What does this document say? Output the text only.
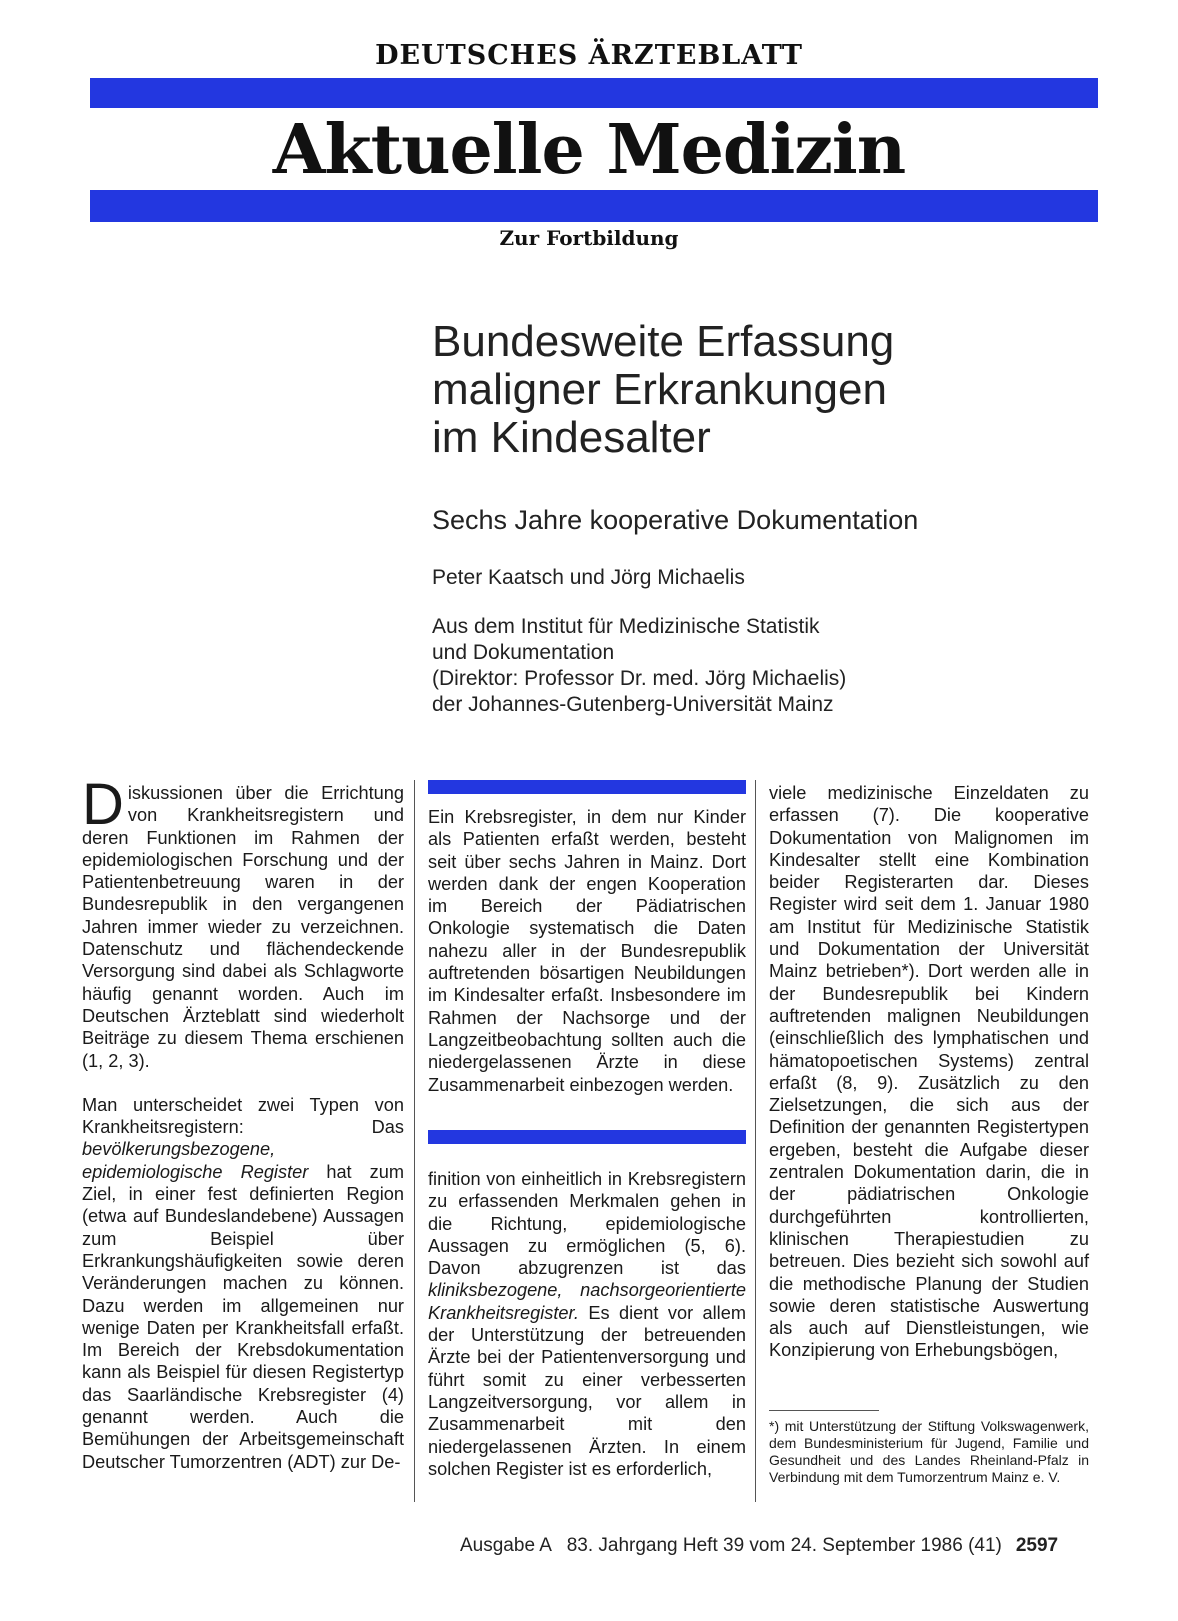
DEUTSCHES ÄRZTEBLATT
Aktuelle Medizin
Zur Fortbildung
Bundesweite Erfassung
maligner Erkrankungen
im Kindesalter
Sechs Jahre kooperative Dokumentation
Peter Kaatsch und Jörg Michaelis
Aus dem Institut für Medizinische Statistik
und Dokumentation
(Direktor: Professor Dr. med. Jörg Michaelis)
der Johannes-Gutenberg-Universität Mainz

Diskussionen über die Errichtung von Krankheitsregistern und deren Funktionen im Rahmen der epidemiologischen Forschung und der Patientenbetreuung waren in der Bundesrepublik in den vergangenen Jahren immer wieder zu verzeichnen. Datenschutz und flächendeckende Versorgung sind dabei als Schlagworte häufig genannt worden. Auch im Deutschen Ärzteblatt sind wiederholt Beiträge zu diesem Thema erschienen (1, 2, 3).

Man unterscheidet zwei Typen von Krankheitsregistern: Das bevölkerungsbezogene, epidemiologische Register hat zum Ziel, in einer fest definierten Region (etwa auf Bundeslandebene) Aussagen zum Beispiel über Erkrankungshäufigkeiten sowie deren Veränderungen machen zu können. Dazu werden im allgemeinen nur wenige Daten per Krankheitsfall erfaßt. Im Bereich der Krebsdokumentation kann als Beispiel für diesen Registertyp das Saarländische Krebsregister (4) genannt werden. Auch die Bemühungen der Arbeitsgemeinschaft Deutscher Tumorzentren (ADT) zur De-

Ein Krebsregister, in dem nur Kinder als Patienten erfaßt werden, besteht seit über sechs Jahren in Mainz. Dort werden dank der engen Kooperation im Bereich der Pädiatrischen Onkologie systematisch die Daten nahezu aller in der Bundesrepublik auftretenden bösartigen Neubildungen im Kindesalter erfaßt. Insbesondere im Rahmen der Nachsorge und der Langzeitbeobachtung sollten auch die niedergelassenen Ärzte in diese Zusammenarbeit einbezogen werden.
finition von einheitlich in Krebsregistern zu erfassenden Merkmalen gehen in die Richtung, epidemiologische Aussagen zu ermöglichen (5, 6). Davon abzugrenzen ist das kliniksbezogene, nachsorgeorientierte Krankheitsregister. Es dient vor allem der Unterstützung der betreuenden Ärzte bei der Patientenversorgung und führt somit zu einer verbesserten Langzeitversorgung, vor allem in Zusammenarbeit mit den niedergelassenen Ärzten. In einem solchen Register ist es erforderlich,
viele medizinische Einzeldaten zu erfassen (7). Die kooperative Dokumentation von Malignomen im Kindesalter stellt eine Kombination beider Registerarten dar. Dieses Register wird seit dem 1. Januar 1980 am Institut für Medizinische Statistik und Dokumentation der Universität Mainz betrieben*). Dort werden alle in der Bundesrepublik bei Kindern auftretenden malignen Neubildungen (einschließlich des lymphatischen und hämatopoetischen Systems) zentral erfaßt (8, 9). Zusätzlich zu den Zielsetzungen, die sich aus der Definition der genannten Registertypen ergeben, besteht die Aufgabe dieser zentralen Dokumentation darin, die in der pädiatrischen Onkologie durchgeführten kontrollierten, klinischen Therapiestudien zu betreuen. Dies bezieht sich sowohl auf die methodische Planung der Studien sowie deren statistische Auswertung als auch auf Dienstleistungen, wie Konzipierung von Erhebungsbögen,
*) mit Unterstützung der Stiftung Volkswagenwerk, dem Bundesministerium für Jugend, Familie und Gesundheit und des Landes Rheinland-Pfalz in Verbindung mit dem Tumorzentrum Mainz e. V.
Ausgabe A   83. Jahrgang Heft 39 vom 24. September 1986 (41) 2597
